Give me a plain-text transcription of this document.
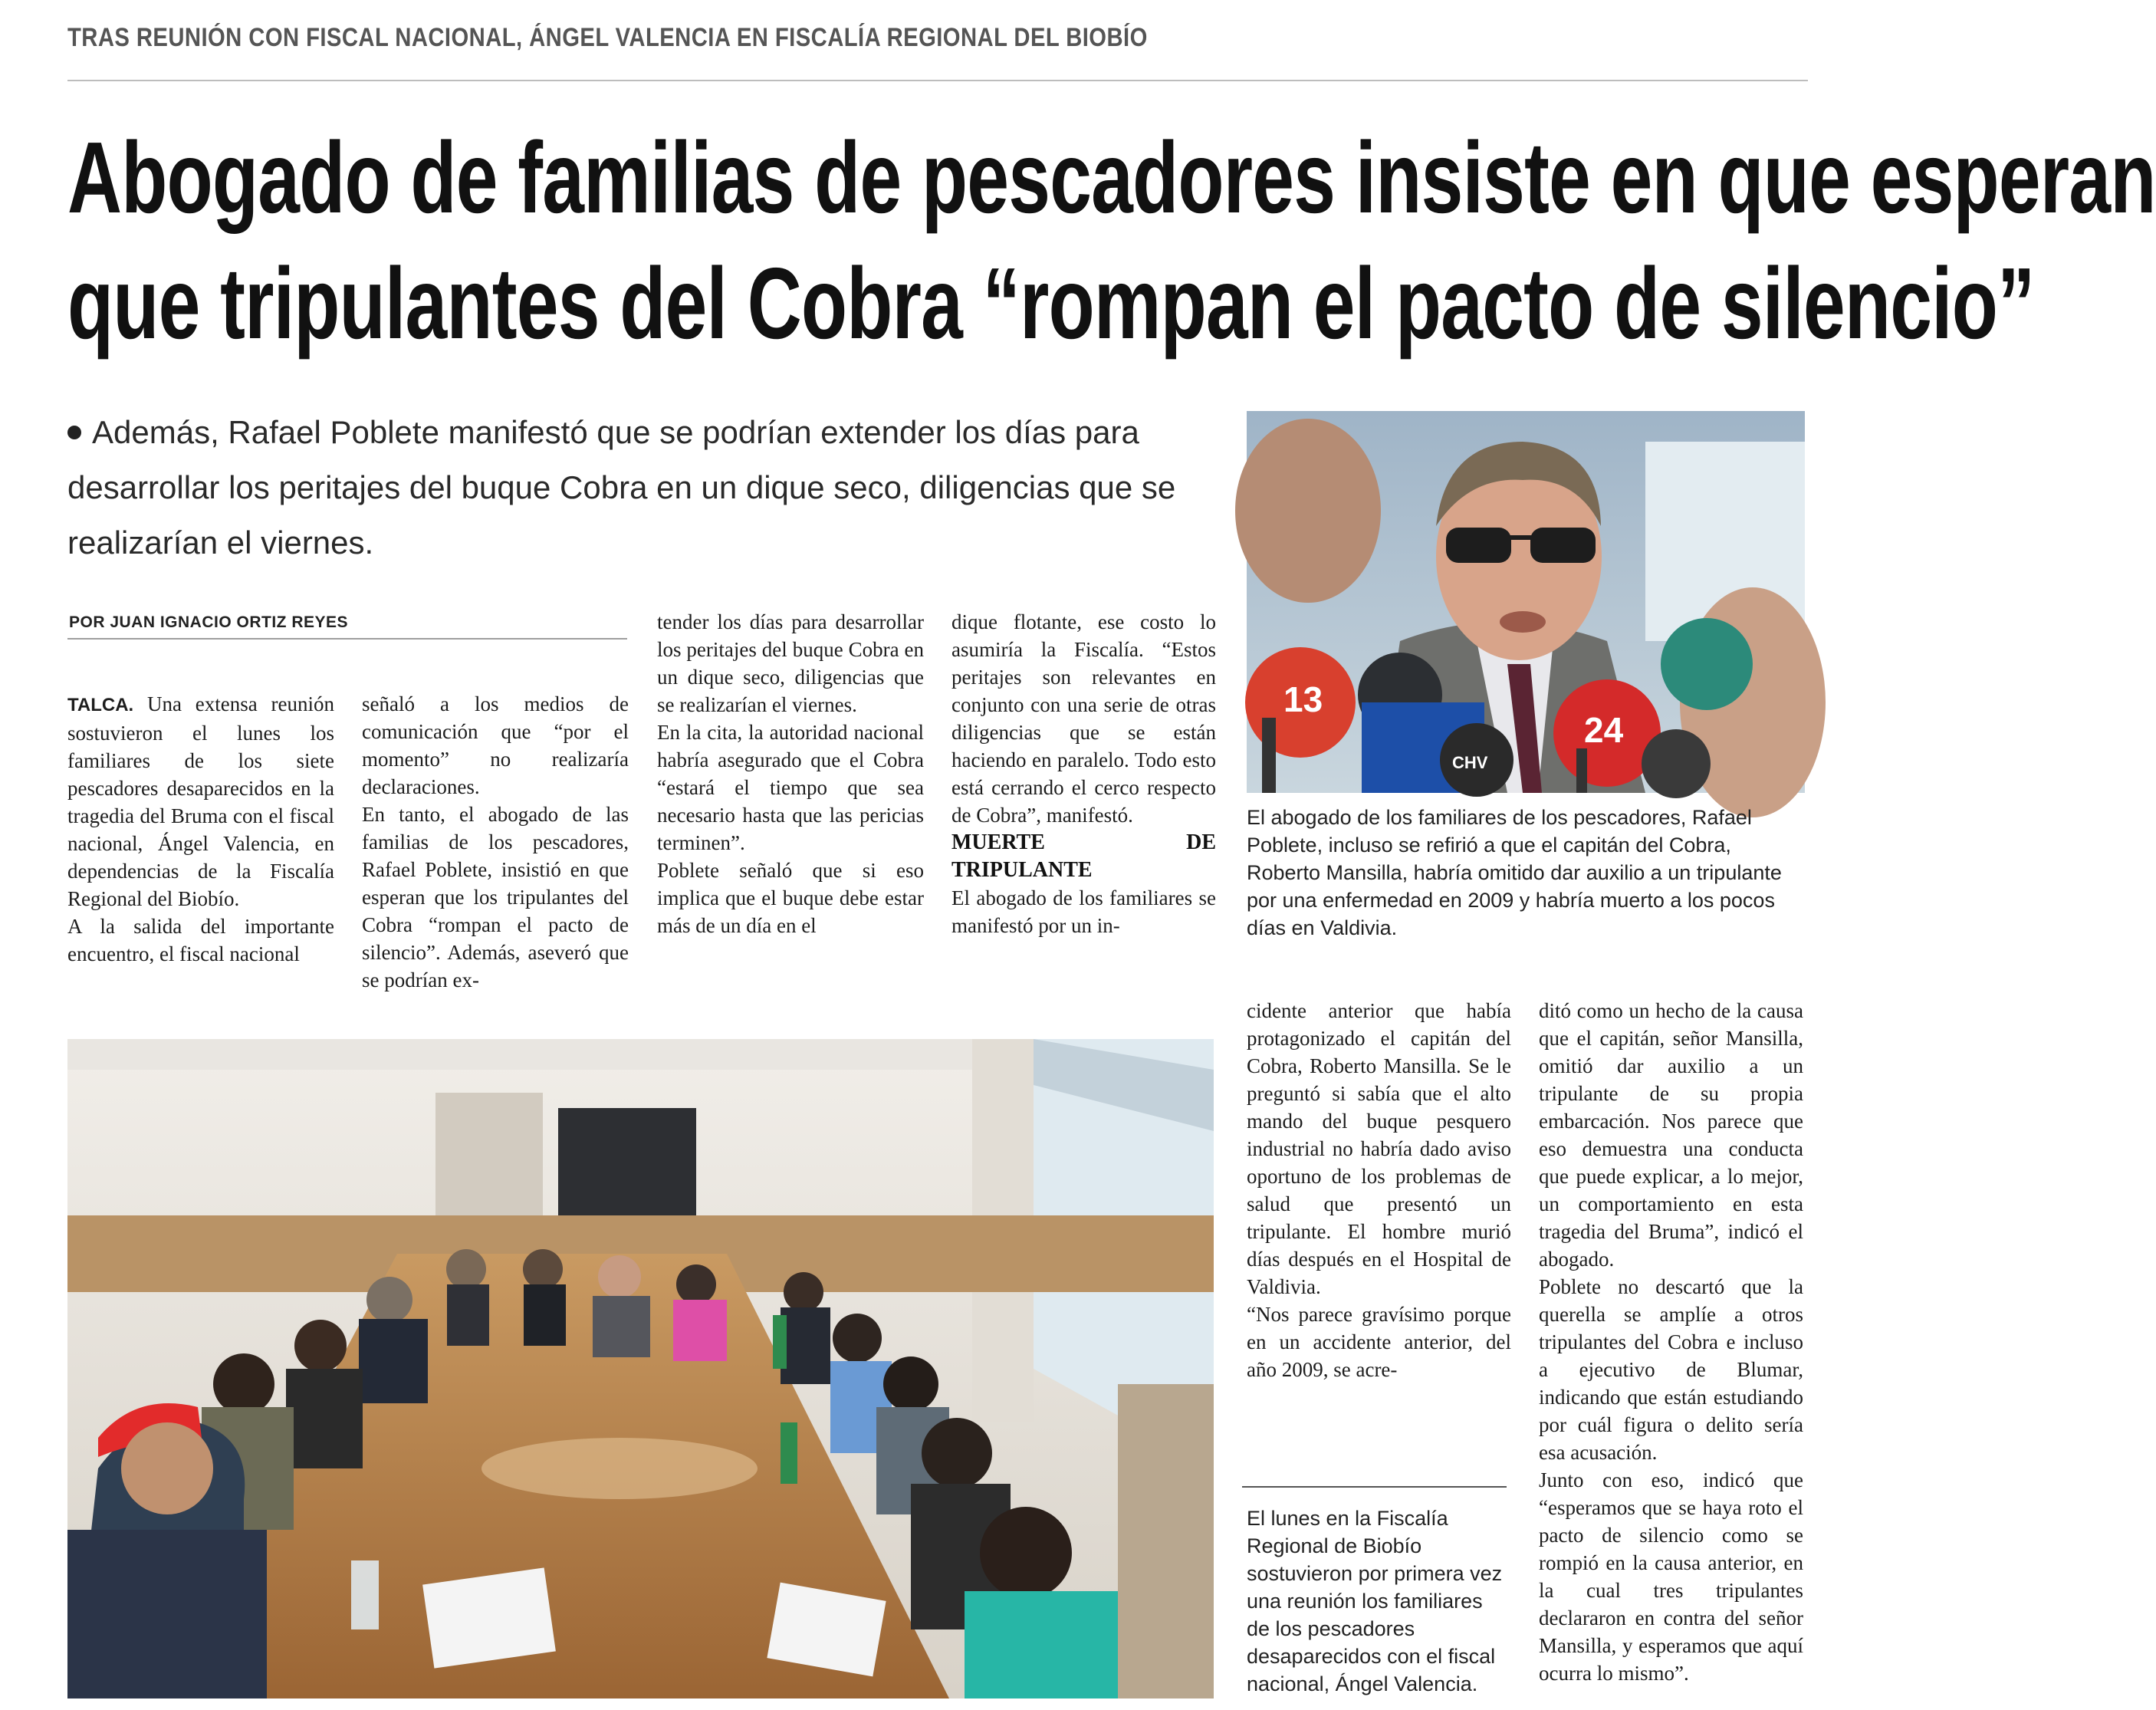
TRAS REUNIÓN CON FISCAL NACIONAL, ÁNGEL VALENCIA EN FISCALÍA REGIONAL DEL BIOBÍO
Abogado de familias de pescadores insiste en que esperan
que tripulantes del Cobra “rompan el pacto de silencio”
Además, Rafael Poblete manifestó que se podrían extender los días para desarrollar los peritajes del buque Cobra en un dique seco, diligencias que se realizarían el viernes.
POR JUAN IGNACIO ORTIZ REYES

TALCA. Una extensa reunión sostuvieron el lunes los familiares de los siete pescadores desaparecidos en la tragedia del Bruma con el fiscal nacional, Ángel Valencia, en dependencias de la Fiscalía Regional del Biobío.

A la salida del importante encuentro, el fiscal nacional

señaló a los medios de comunicación que “por el momento” no realizaría declaraciones.

En tanto, el abogado de las familias de los pescadores, Rafael Poblete, insistió en que esperan que los tripulantes del Cobra “rompan el pacto de silencio”. Además, aseveró que se podrían ex-

tender los días para desarrollar los peritajes del buque Cobra en un dique seco, diligencias que se realizarían el viernes.

En la cita, la autoridad nacional habría asegurado que el Cobra “estará el tiempo que sea necesario hasta que las pericias terminen”.

Poblete señaló que si eso implica que el buque debe estar más de un día en el

dique flotante, ese costo lo asumiría la Fiscalía. “Estos peritajes son relevantes en conjunto con una serie de otras diligencias que se están haciendo en paralelo. Todo esto está cerrando el cerco respecto de Cobra”, manifestó.

MUERTE DE TRIPULANTE

El abogado de los familiares se manifestó por un in-

13
24
CHV
El abogado de los familiares de los pescadores, Rafael Poblete, incluso se refirió a que el capitán del Cobra, Roberto Mansilla, habría omitido dar auxilio a un tripulante por una enfermedad en 2009 y habría muerto a los pocos días en Valdivia.

cidente anterior que había protagonizado el capitán del Cobra, Roberto Mansilla. Se le preguntó si sabía que el alto mando del buque pesquero industrial no habría dado aviso oportuno de los problemas de salud que presentó un tripulante. El hombre murió días después en el Hospital de Valdivia.

“Nos parece gravísimo porque en un accidente anterior, del año 2009, se acre-

El lunes en la Fiscalía Regional de Biobío sostuvieron por primera vez una reunión los familiares de los pescadores desaparecidos con el fiscal nacional, Ángel Valencia.

ditó como un hecho de la causa que el capitán, señor Mansilla, omitió dar auxilio a un tripulante de su propia embarcación. Nos parece que eso demuestra una conducta que puede explicar, a lo mejor, un comportamiento en esta tragedia del Bruma”, indicó el abogado.

Poblete no descartó que la querella se amplíe a otros tripulantes del Cobra e incluso a ejecutivo de Blumar, indicando que están estudiando por cuál figura o delito sería esa acusación.

Junto con eso, indicó que “esperamos que se haya roto el pacto de silencio como se rompió en la causa anterior, en la cual tres tripulantes declararon en contra del señor Mansilla, y esperamos que aquí ocurra lo mismo”.
